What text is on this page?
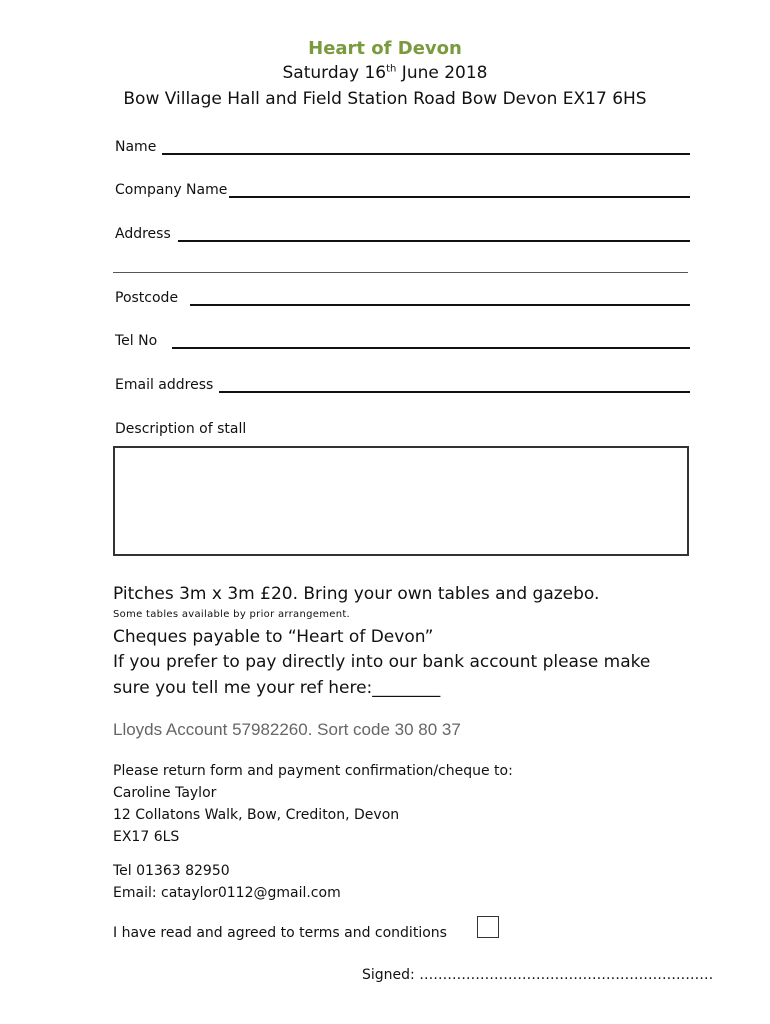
Heart of Devon
Saturday 16th June 2018
Bow Village Hall and Field Station Road Bow Devon EX17 6HS
Name
Company Name
Address
Postcode
Tel No
Email address
Description of stall
Pitches 3m x 3m £20. Bring your own tables and gazebo.
Some tables available by prior arrangement.
Cheques payable to “Heart of Devon”
If you prefer to pay directly into our bank account please make
sure you tell me your ref here:________
Lloyds Account 57982260. Sort code 30 80 37
Please return form and payment confirmation/cheque to:
Caroline Taylor
12 Collatons Walk, Bow, Crediton, Devon
EX17 6LS
Tel 01363 82950
Email: cataylor0112@gmail.com
I have read and agreed to terms and conditions
Signed: ………………………………………………………
